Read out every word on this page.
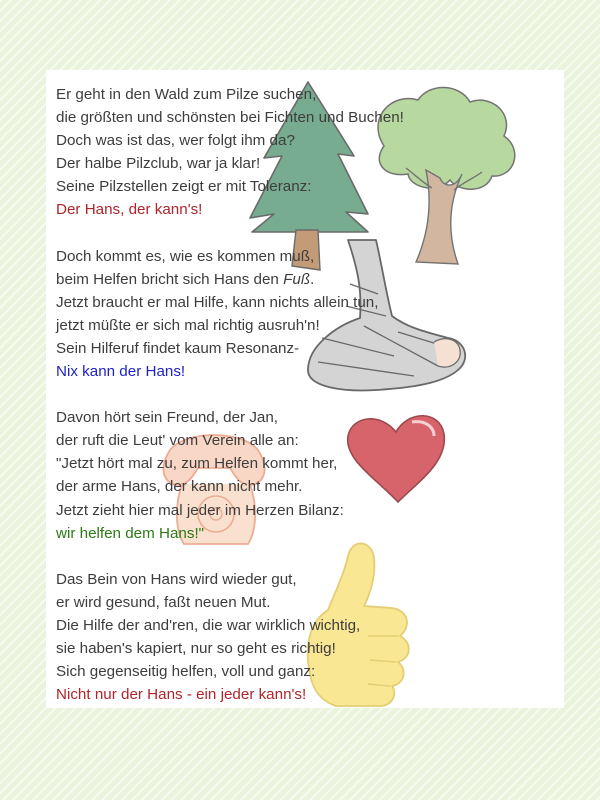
Er geht in den Wald zum Pilze suchen,
die größten und schönsten bei Fichten und Buchen!
Doch was ist das, wer folgt ihm da?
Der halbe Pilzclub, war ja klar!
Seine Pilzstellen zeigt er mit Toleranz:
Der Hans, der kann's!
Doch kommt es, wie es kommen muß,
beim Helfen bricht sich Hans den Fuß.
Jetzt braucht er mal Hilfe, kann nichts allein tun,
jetzt müßte er sich mal richtig ausruh'n!
Sein Hilferuf findet kaum Resonanz-
Nix kann der Hans!
Davon hört sein Freund, der Jan,
der ruft die Leut' vom Verein alle an:
"Jetzt hört mal zu, zum Helfen kommt her,
der arme Hans, der kann nicht mehr.
Jetzt zieht hier mal jeder im Herzen Bilanz:
wir helfen dem Hans!"
Das Bein von Hans wird wieder gut,
er wird gesund, faßt neuen Mut.
Die Hilfe der and'ren, die war wirklich wichtig,
sie haben's kapiert, nur so geht es richtig!
Sich gegenseitig helfen, voll und ganz:
Nicht nur der Hans - ein jeder kann's!
